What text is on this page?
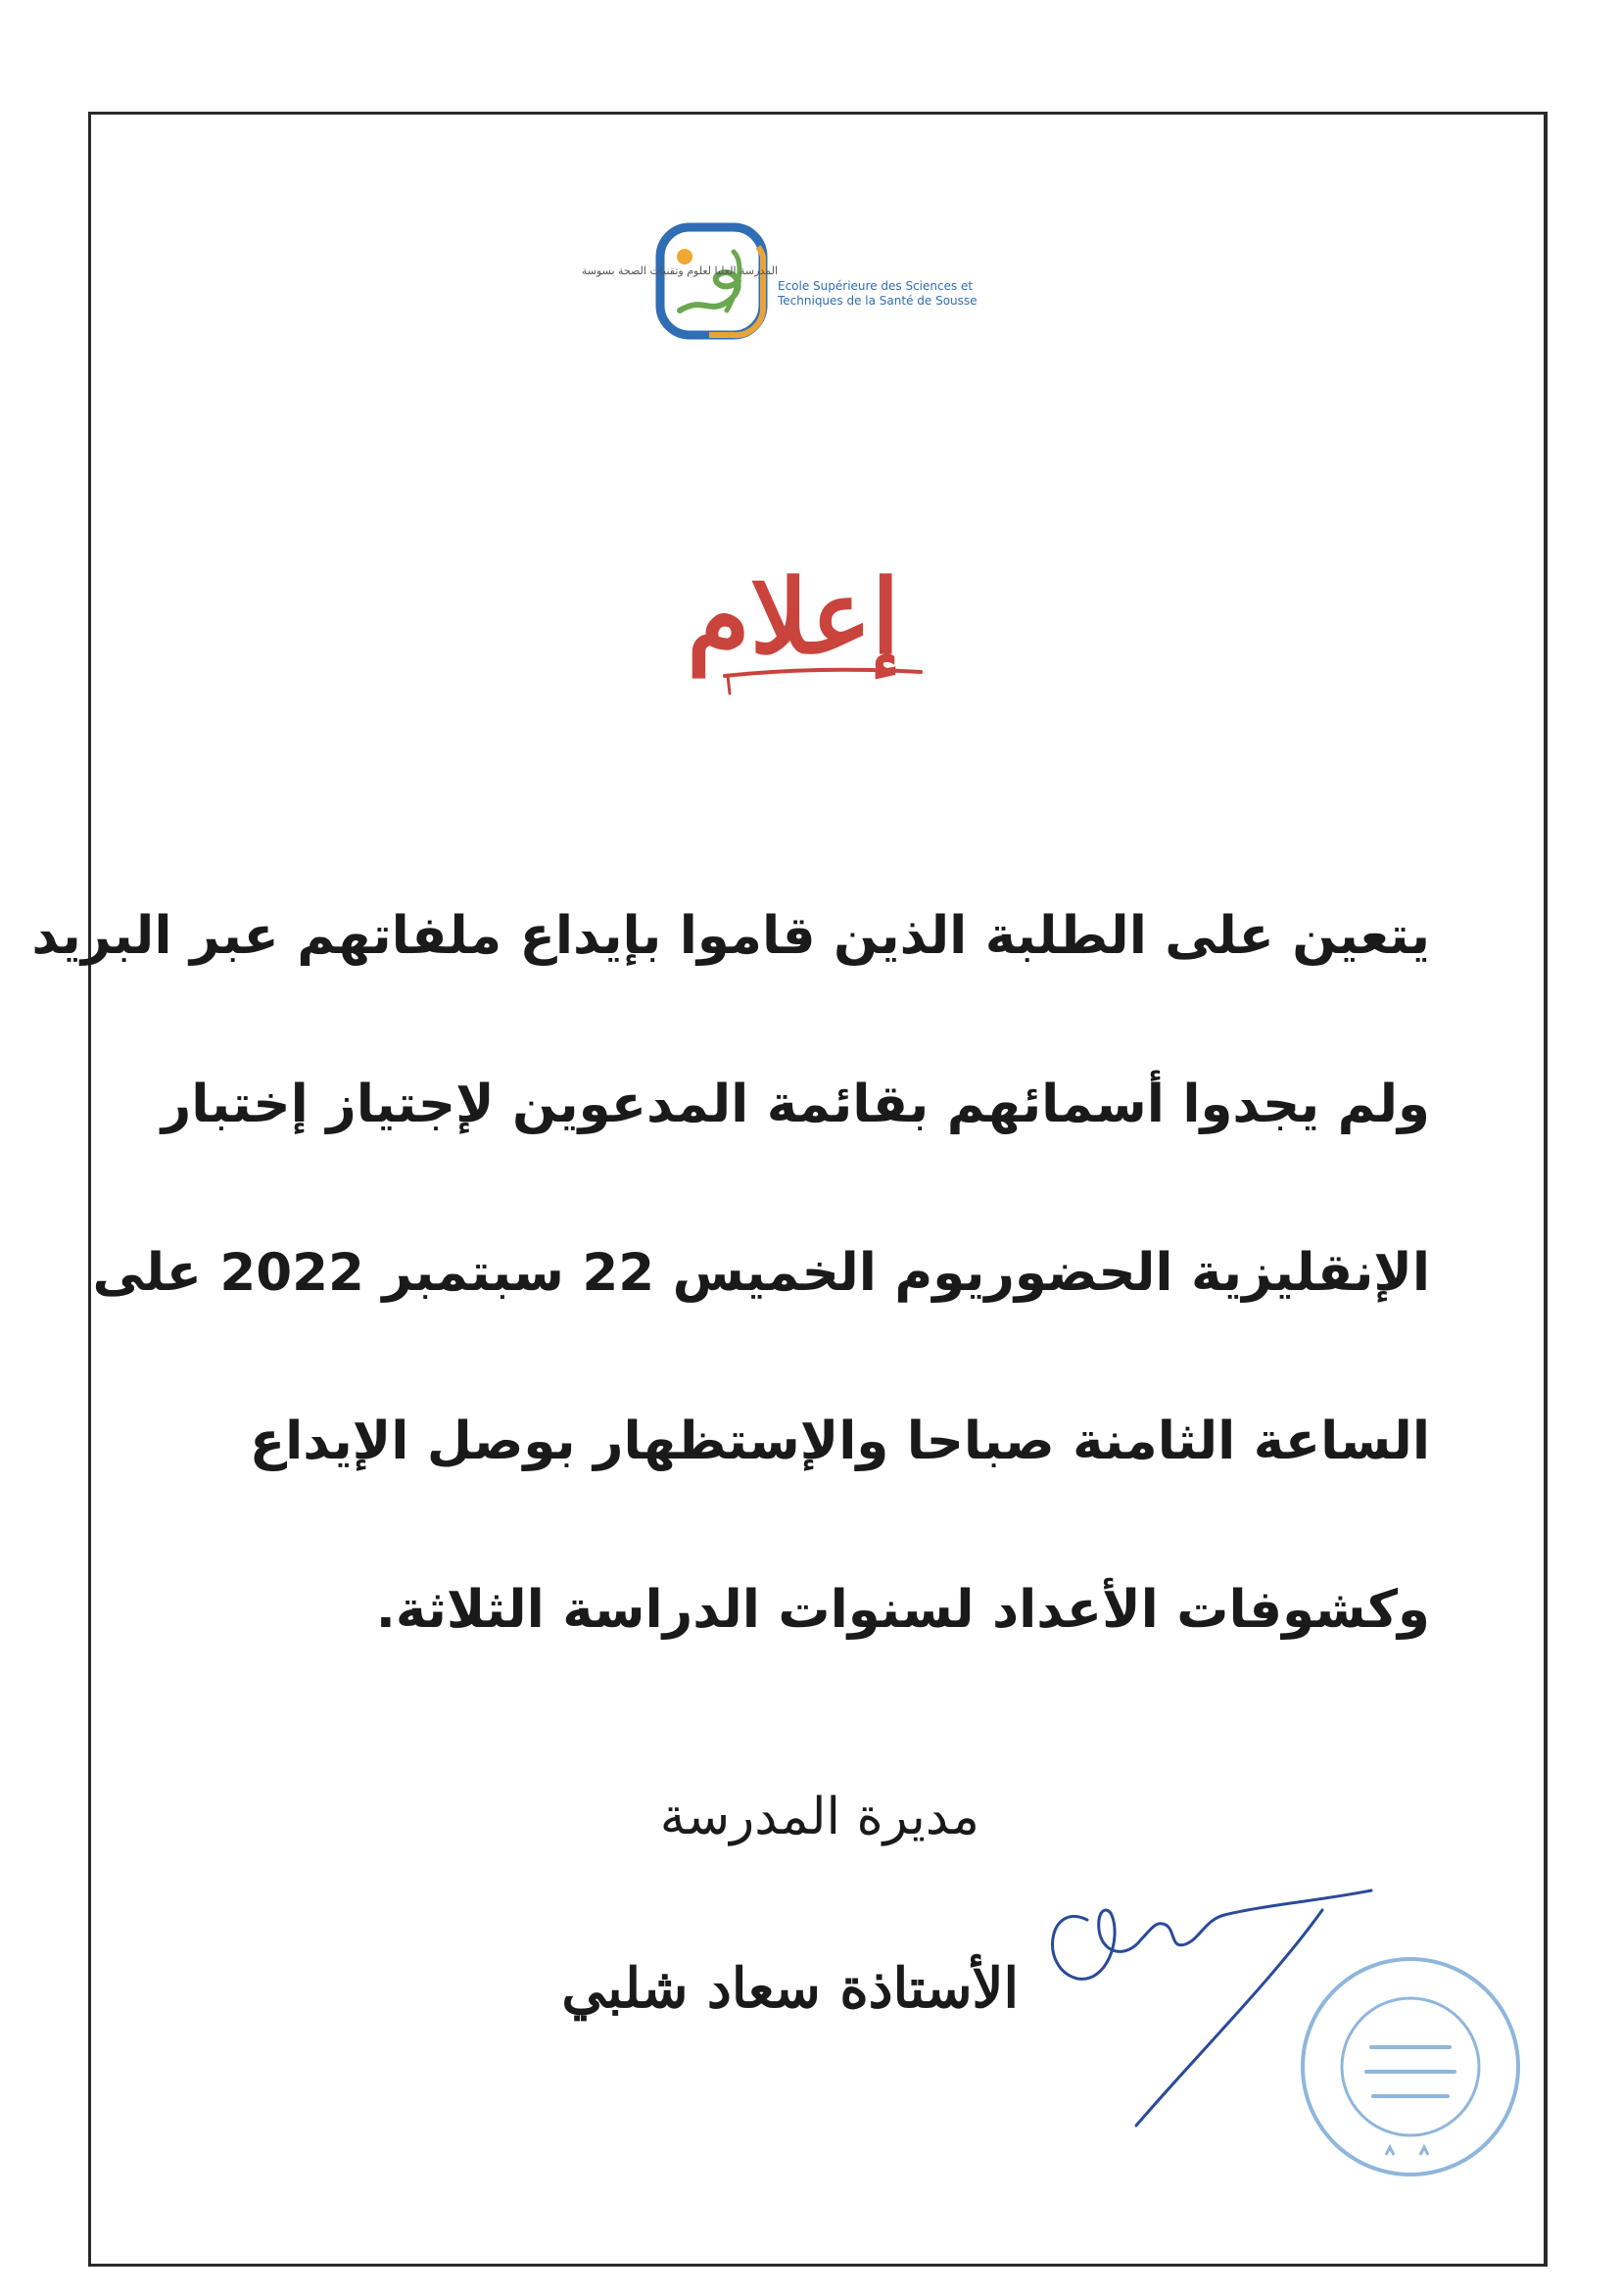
المدرسة العليا لعلوم وتقنيات الصحة بسوسة
Ecole Supérieure des Sciences et
Techniques de la Santé de Sousse
إعلام
يتعين على الطلبة الذين قاموا بإيداع ملفاتهم عبر البريد
ولم يجدوا أسمائهم بقائمة المدعوين لإجتياز إختبار
الإنقليزية الحضوريوم الخميس 22 سبتمبر 2022 على
الساعة الثامنة صباحا والإستظهار بوصل الإيداع
وكشوفات الأعداد لسنوات الدراسة الثلاثة.
مديرة المدرسة
الأستاذة سعاد شلبي
